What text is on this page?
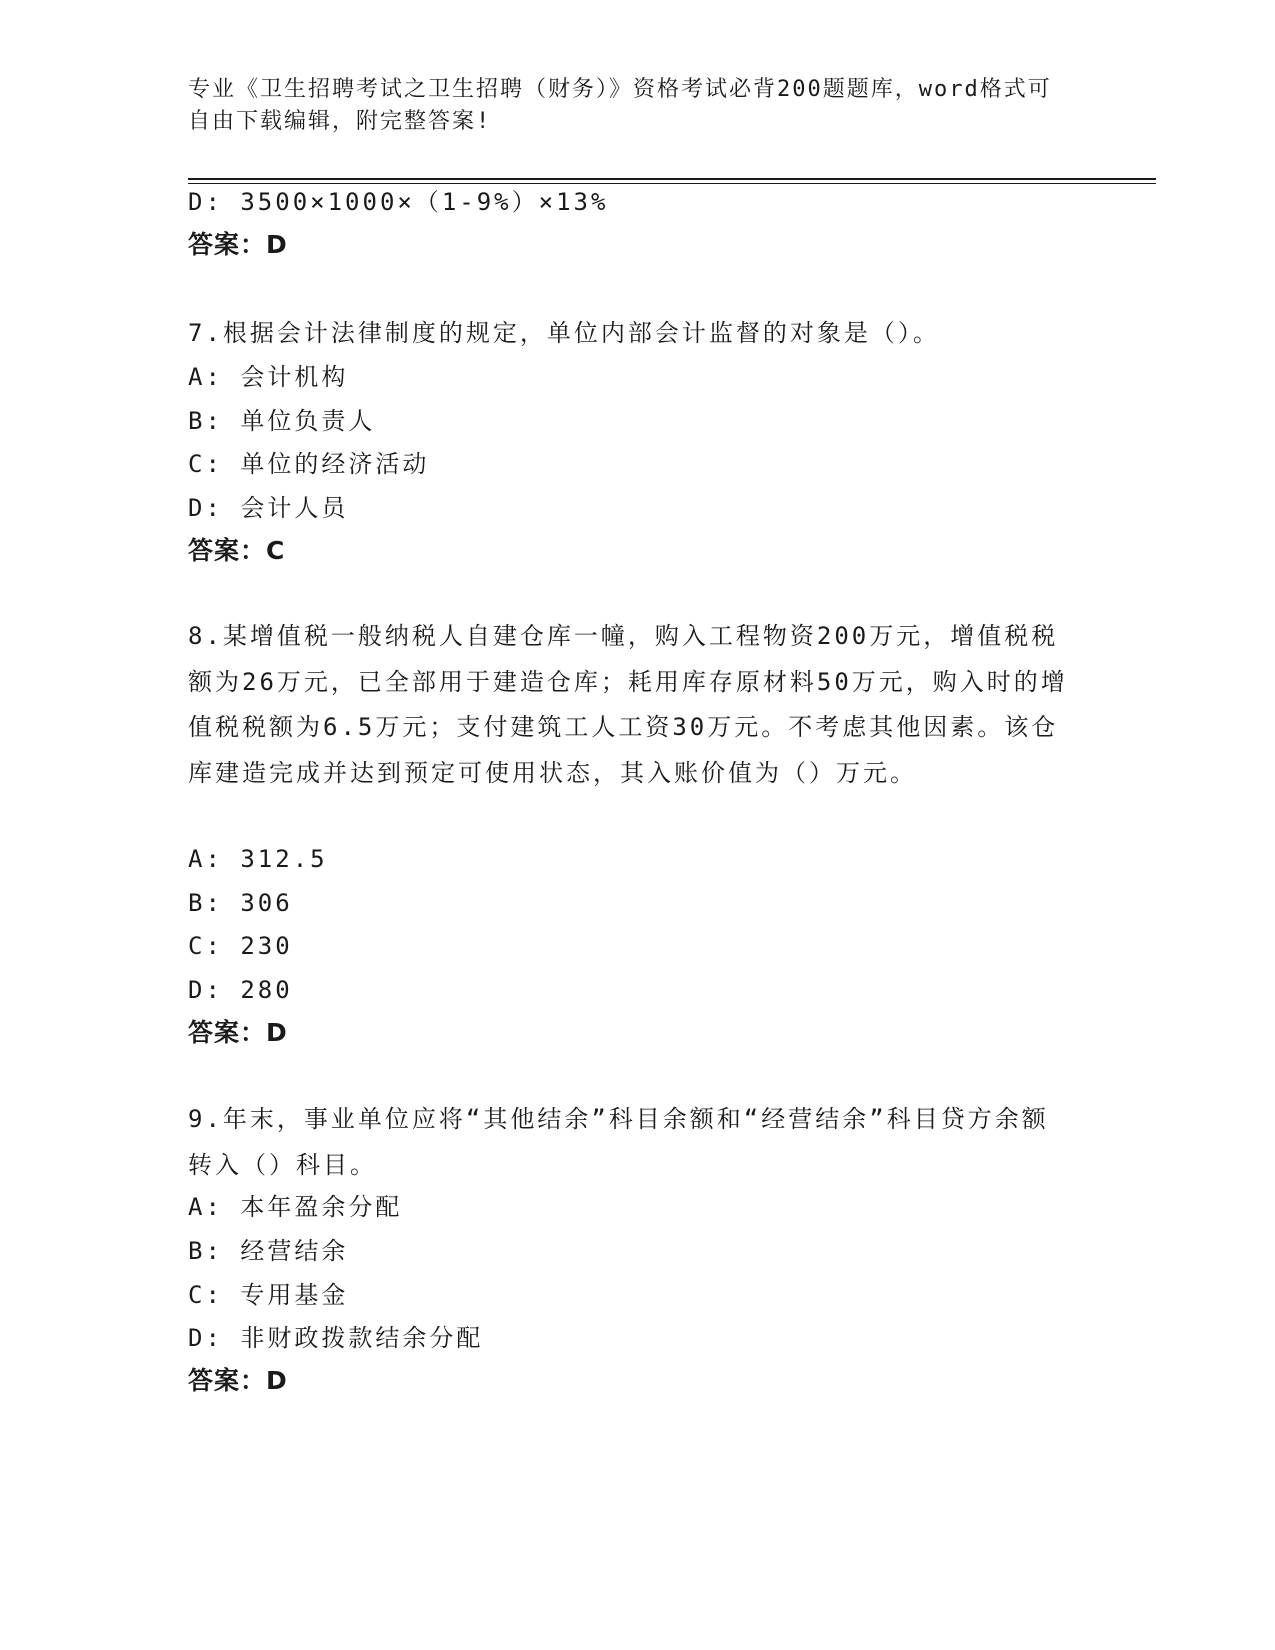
专业《卫生招聘考试之卫生招聘（财务）》资格考试必背200题题库，word格式可自由下载编辑，附完整答案!
D: 3500×1000×（1-9%）×13%
答案：D
7.根据会计法律制度的规定，单位内部会计监督的对象是（）。
A: 会计机构
B: 单位负责人
C: 单位的经济活动
D: 会计人员
答案：C
8.某增值税一般纳税人自建仓库一幢，购入工程物资200万元，增值税税额为26万元，已全部用于建造仓库；耗用库存原材料50万元，购入时的增值税税额为6.5万元；支付建筑工人工资30万元。不考虑其他因素。该仓库建造完成并达到预定可使用状态，其入账价值为（）万元。
A: 312.5
B: 306
C: 230
D: 280
答案：D
9.年末，事业单位应将“其他结余”科目余额和“经营结余”科目贷方余额转入（）科目。
A: 本年盈余分配
B: 经营结余
C: 专用基金
D: 非财政拨款结余分配
答案：D
